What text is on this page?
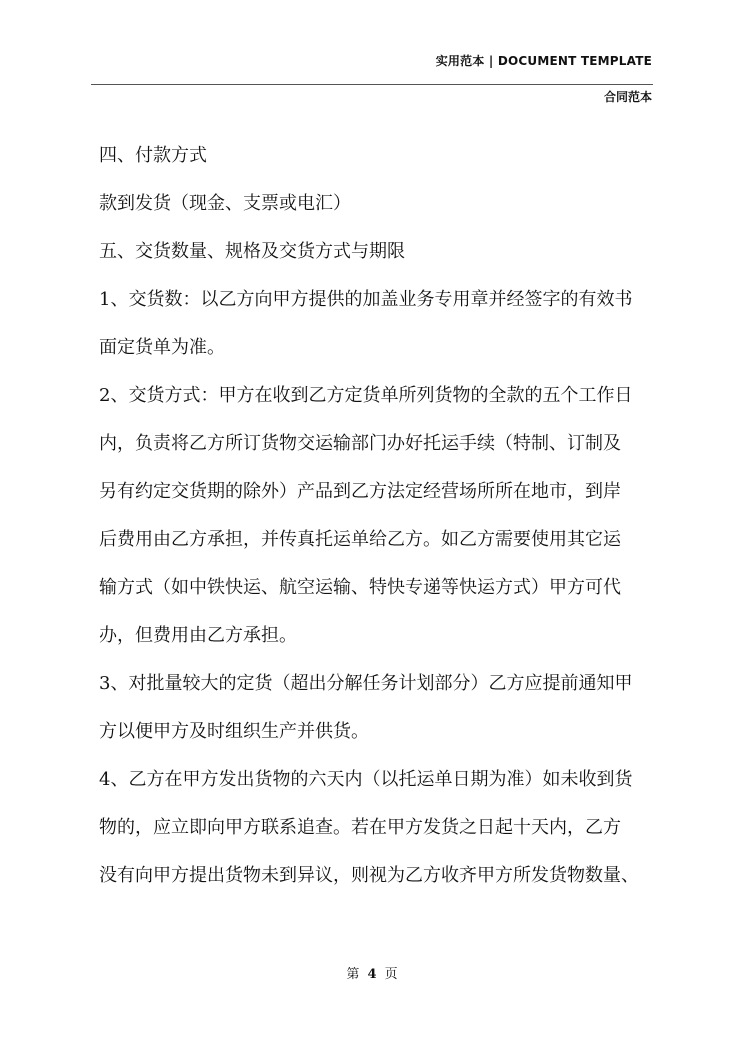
实用范本 | DOCUMENT TEMPLATE
合同范本

四、付款方式

款到发货（现金、支票或电汇）

五、交货数量、规格及交货方式与期限

1、交货数：以乙方向甲方提供的加盖业务专用章并经签字的有效书

面定货单为准。

2、交货方式：甲方在收到乙方定货单所列货物的全款的五个工作日

内，负责将乙方所订货物交运输部门办好托运手续（特制、订制及

另有约定交货期的除外）产品到乙方法定经营场所所在地市，到岸

后费用由乙方承担，并传真托运单给乙方。如乙方需要使用其它运

输方式（如中铁快运、航空运输、特快专递等快运方式）甲方可代

办，但费用由乙方承担。

3、对批量较大的定货（超出分解任务计划部分）乙方应提前通知甲

方以便甲方及时组织生产并供货。

4、乙方在甲方发出货物的六天内（以托运单日期为准）如未收到货

物的，应立即向甲方联系追查。若在甲方发货之日起十天内，乙方

没有向甲方提出货物未到异议，则视为乙方收齐甲方所发货物数量、

第 4 页
